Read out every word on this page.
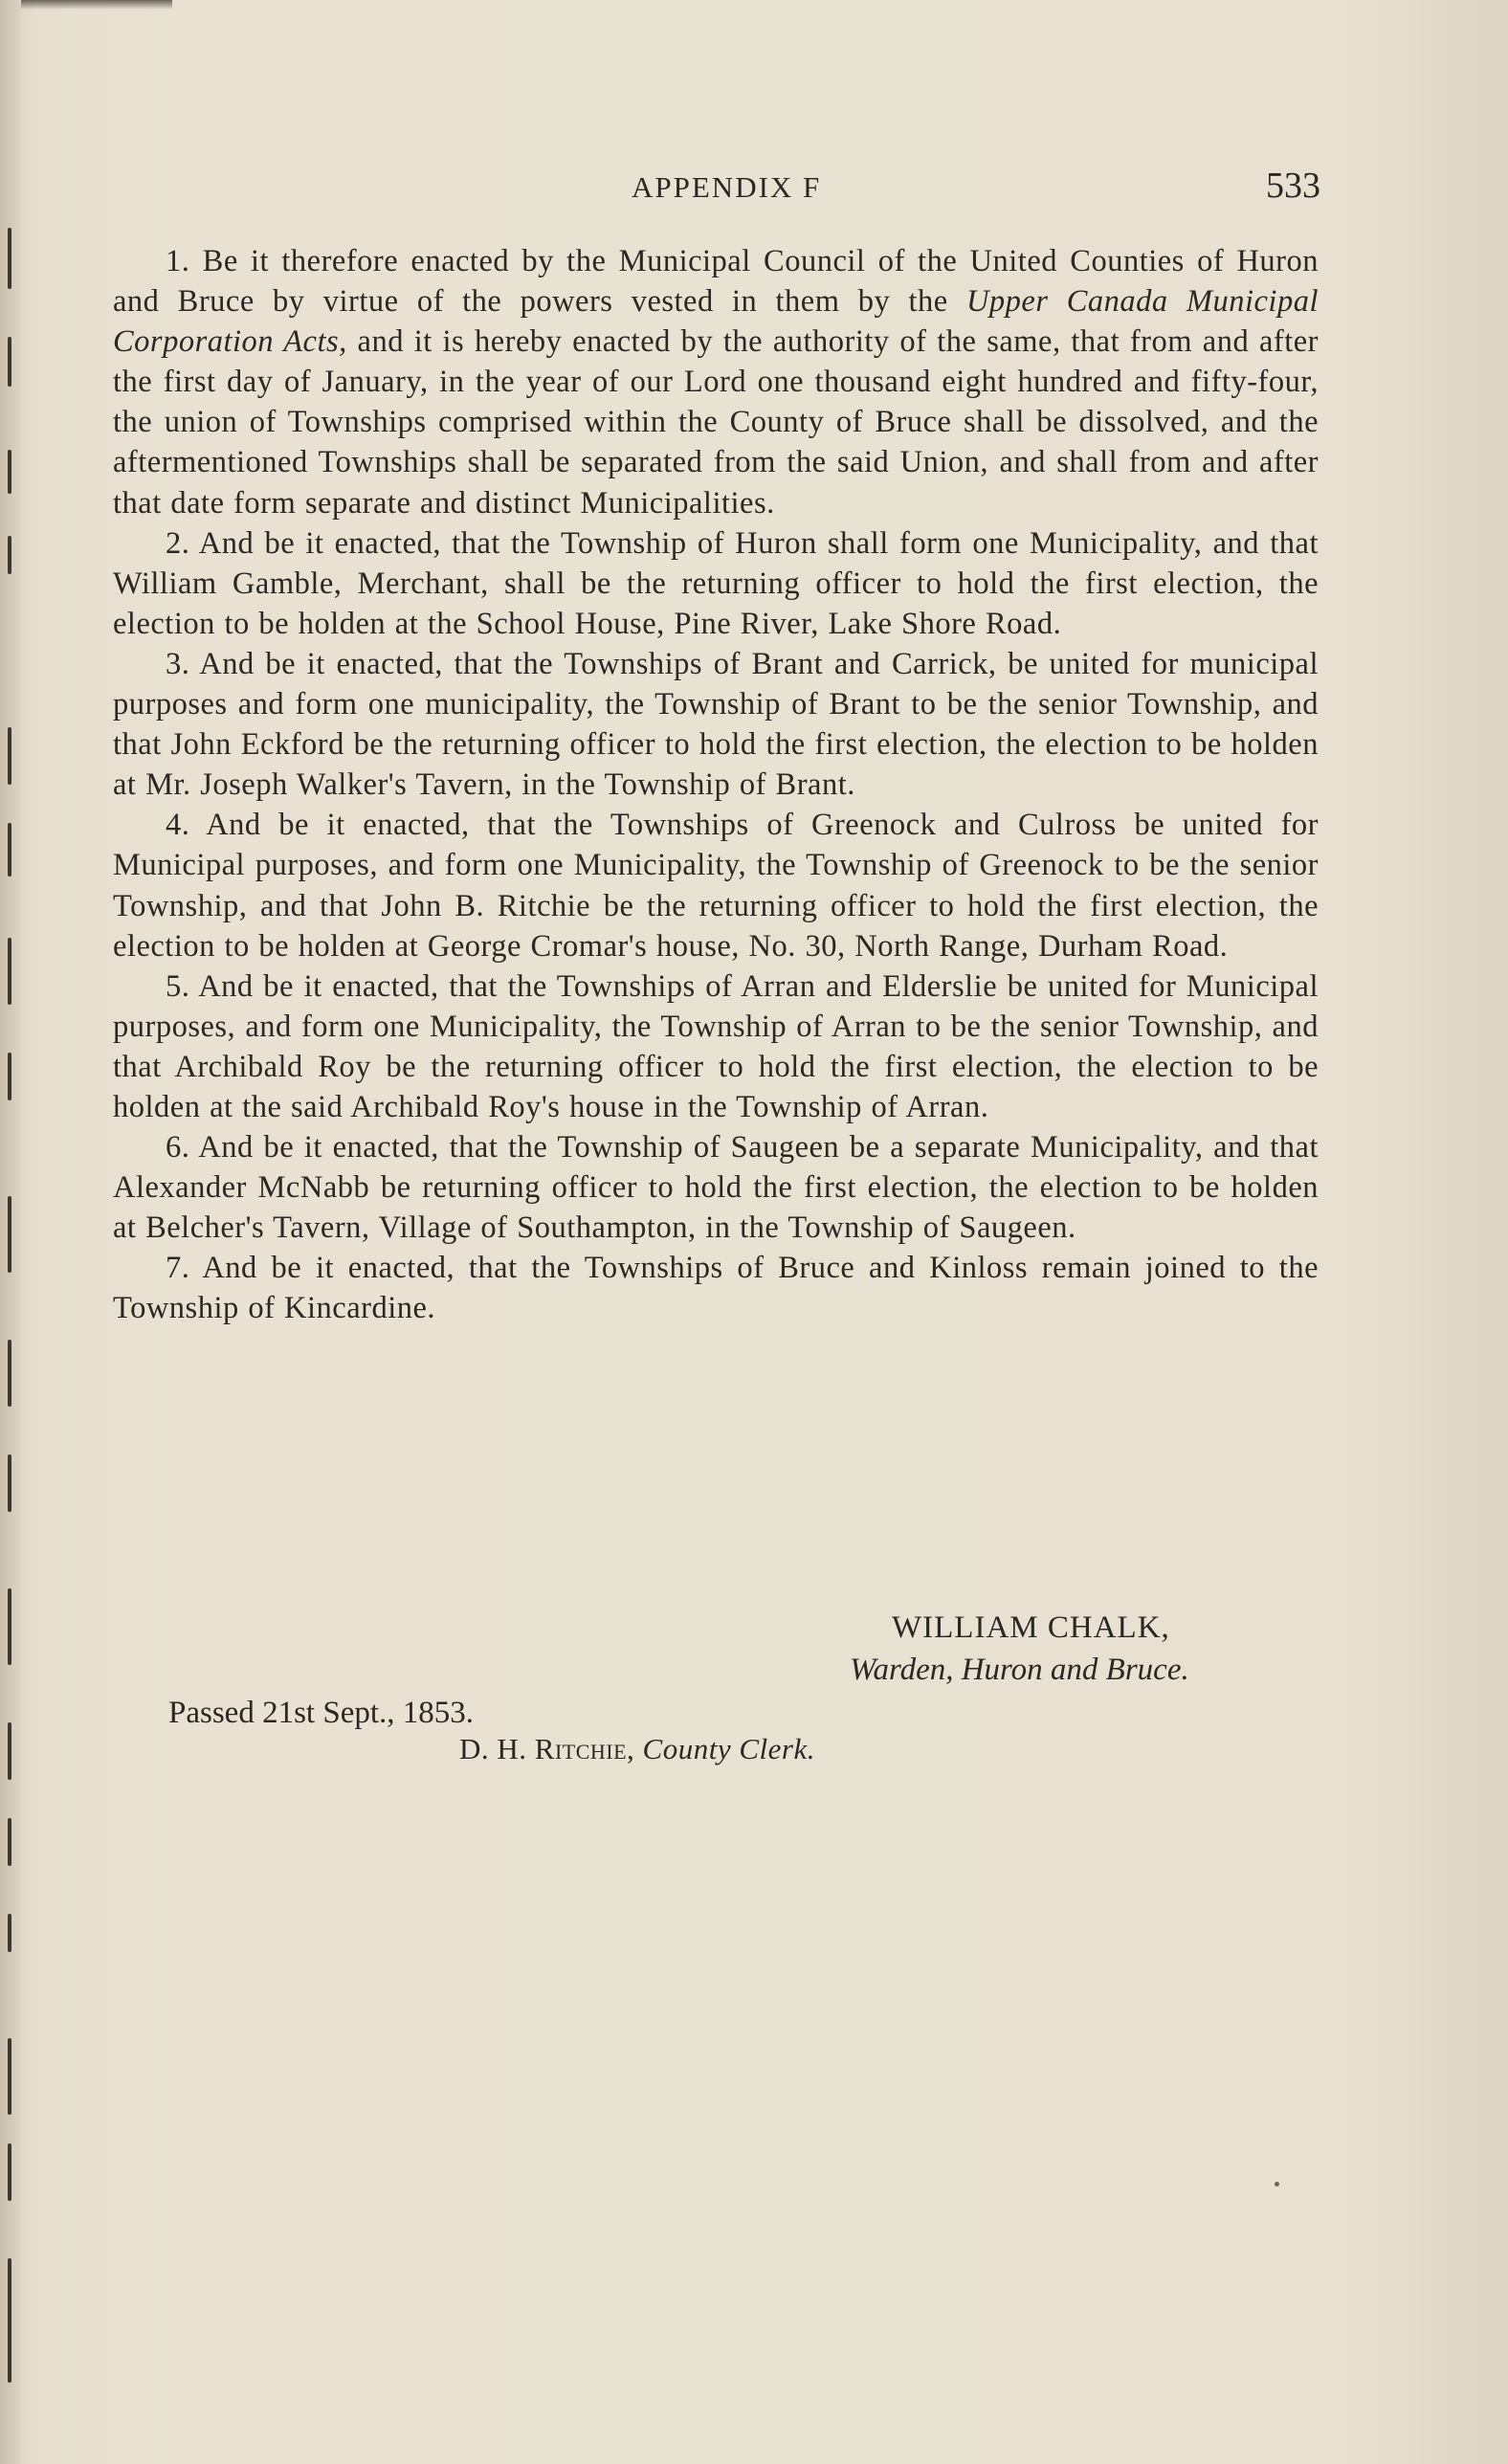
APPENDIX F	533

1. Be it therefore enacted by the Municipal Council of the United Counties of Huron and Bruce by virtue of the powers vested in them by the Upper Canada Municipal Corporation Acts, and it is hereby enacted by the authority of the same, that from and after the first day of January, in the year of our Lord one thousand eight hundred and fifty-four, the union of Townships comprised within the County of Bruce shall be dissolved, and the aftermentioned Townships shall be separated from the said Union, and shall from and after that date form separate and distinct Municipalities.

2. And be it enacted, that the Township of Huron shall form one Municipality, and that William Gamble, Merchant, shall be the returning officer to hold the first election, the election to be holden at the School House, Pine River, Lake Shore Road.

3. And be it enacted, that the Townships of Brant and Carrick, be united for municipal purposes and form one municipality, the Township of Brant to be the senior Township, and that John Eckford be the returning officer to hold the first election, the election to be holden at Mr. Joseph Walker's Tavern, in the Township of Brant.

4. And be it enacted, that the Townships of Greenock and Culross be united for Municipal purposes, and form one Municipality, the Township of Greenock to be the senior Township, and that John B. Ritchie be the returning officer to hold the first election, the election to be holden at George Cromar's house, No. 30, North Range, Durham Road.

5. And be it enacted, that the Townships of Arran and Elderslie be united for Municipal purposes, and form one Municipality, the Township of Arran to be the senior Township, and that Archibald Roy be the returning officer to hold the first election, the election to be holden at the said Archibald Roy's house in the Township of Arran.

6. And be it enacted, that the Township of Saugeen be a separate Municipality, and that Alexander McNabb be returning officer to hold the first election, the election to be holden at Belcher's Tavern, Village of Southampton, in the Township of Saugeen.

7. And be it enacted, that the Townships of Bruce and Kinloss remain joined to the Township of Kincardine.

WILLIAM CHALK,
Warden, Huron and Bruce.
Passed 21st Sept., 1853.
D. H. Ritchie, County Clerk.
